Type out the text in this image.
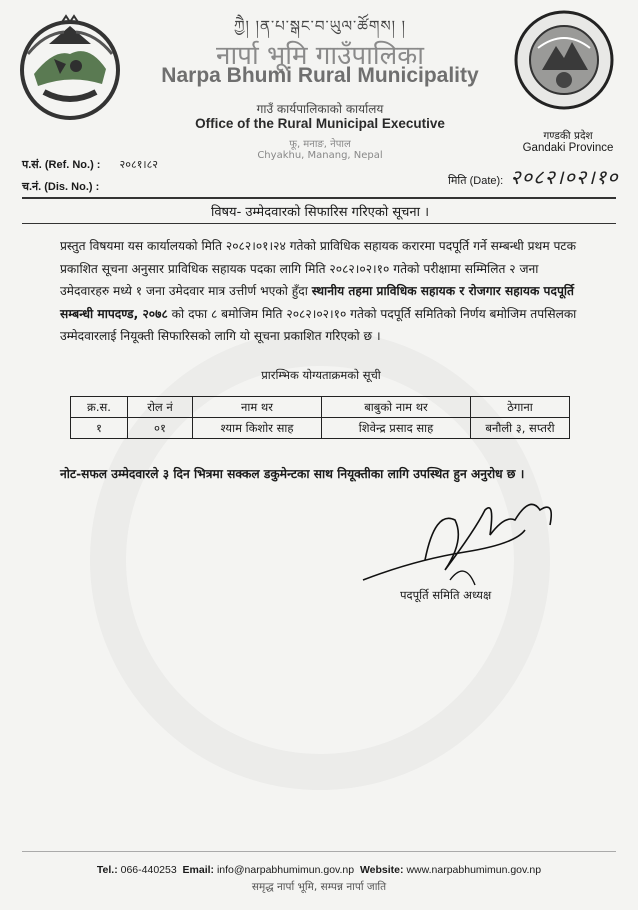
ཀྱཻ། །ན་པ་སྒང་བ་ཡུལ་ཚོགས། །
नार्पा भूमि गाउँपालिका
Narpa Bhumi Rural Municipality
गाउँ कार्यपालिकाको कार्यालय
Office of the Rural Municipal Executive
फू, मनाङ, नेपाल
Chyakhu, Manang, Nepal
गण्डकी प्रदेश
Gandaki Province
प.सं. (Ref. No.) : २०८१।८२
च.नं. (Dis. No.) :	मिति (Date): २०८२।०२।१०
विषय- उम्मेदवारको सिफारिस गरिएको सूचना ।
प्रस्तुत विषयमा यस कार्यालयको मिति २०८२।०१।२४ गतेको प्राविधिक सहायक करारमा पदपूर्ति गर्ने सम्बन्धी प्रथम पटक प्रकाशित सूचना अनुसार प्राविधिक सहायक पदका लागि मिति २०८२।०२।१० गतेको परीक्षामा सम्मिलित २ जना उमेदवारहरु मध्ये १ जना उमेदवार मात्र उत्तीर्ण भएको हुँदा स्थानीय तहमा प्राविधिक सहायक र रोजगार सहायक पदपूर्ति सम्बन्धी मापदण्ड, २०७८ को दफा ८ बमोजिम मिति २०८२।०२।१० गतेको पदपूर्ति समितिको निर्णय बमोजिम तपसिलका उम्मेदवारलाई नियूक्ती सिफारिसको लागि यो सूचना प्रकाशित गरिएको छ ।
प्रारम्भिक योग्यताक्रमको सूची
क्र.स.	रोल नं	नाम थर	बाबुको नाम थर	ठेगाना
१	०१	श्याम किशोर साह	शिवेन्द्र प्रसाद साह	बनौली ३, सप्तरी
नोट-सफल उम्मेदवारले ३ दिन भित्रमा सक्कल डकुमेन्टका साथ नियूक्तीका लागि उपस्थित हुन अनुरोध छ ।
पदपूर्ति समिति अध्यक्ष
Tel.: 066-440253 Email: info@narpabhumimun.gov.np Website: www.narpabhumimun.gov.np
समृद्ध नार्पा भूमि, सम्पन्न नार्पा जाति
